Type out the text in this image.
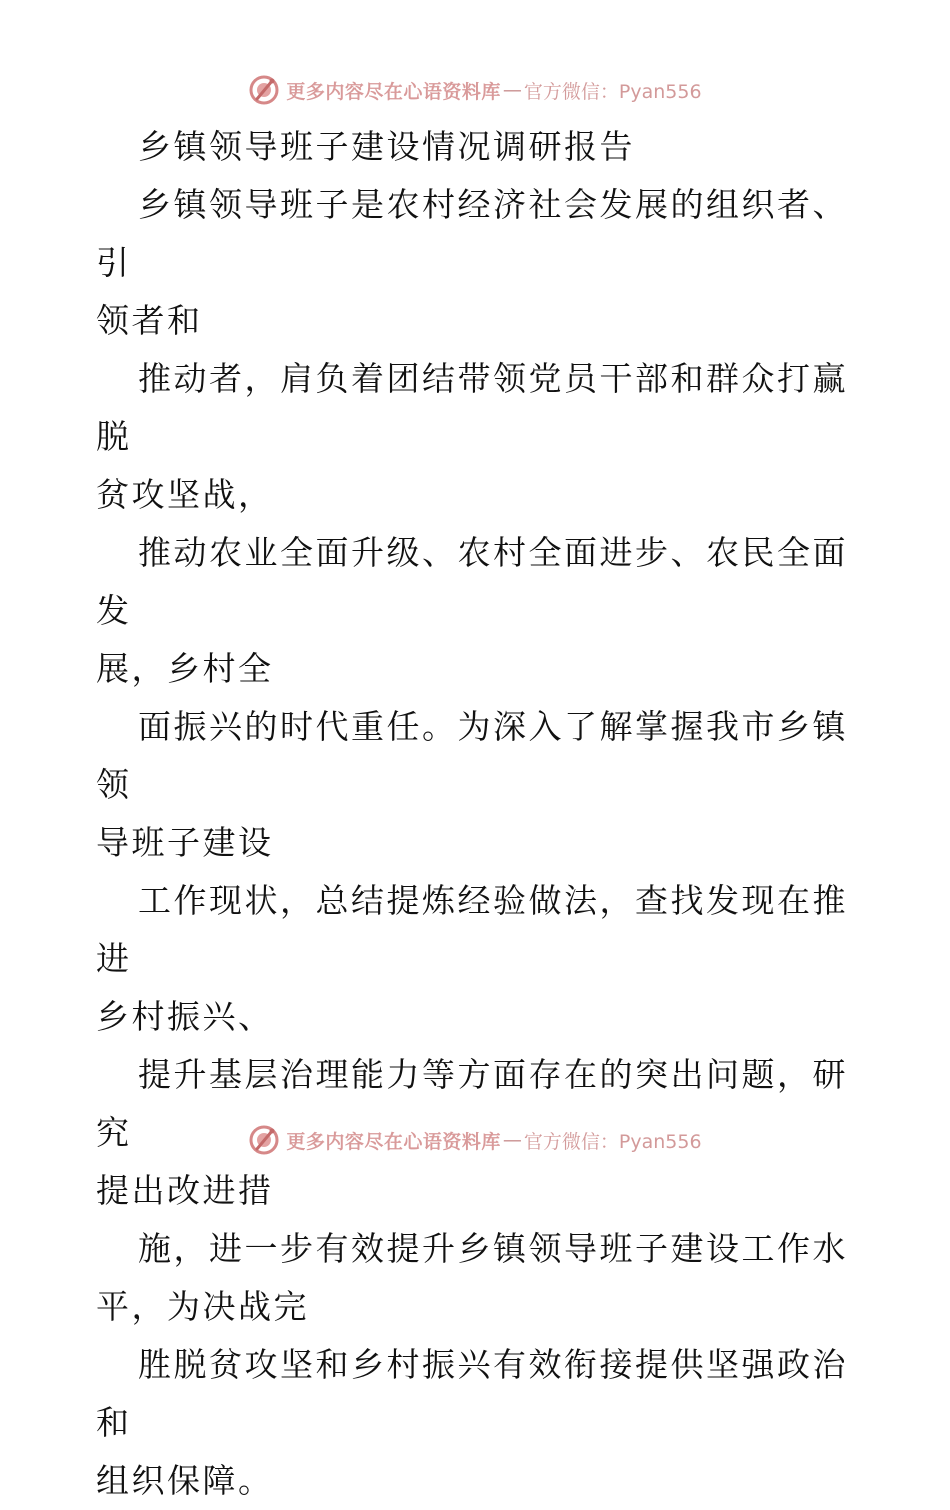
更多内容尽在心语资料库 — 官方微信：Pyan556

乡镇领导班子建设情况调研报告

乡镇领导班子是农村经济社会发展的组织者、引

领者和

推动者，肩负着团结带领党员干部和群众打赢脱

贫攻坚战，

推动农业全面升级、农村全面进步、农民全面发

展，乡村全

面振兴的时代重任。为深入了解掌握我市乡镇领

导班子建设

工作现状，总结提炼经验做法，查找发现在推进

乡村振兴、

提升基层治理能力等方面存在的突出问题，研究

提出改进措

施，进一步有效提升乡镇领导班子建设工作水

平，为决战完

胜脱贫攻坚和乡村振兴有效衔接提供坚强政治和

组织保障。

更多内容尽在心语资料库 — 官方微信：Pyan556
